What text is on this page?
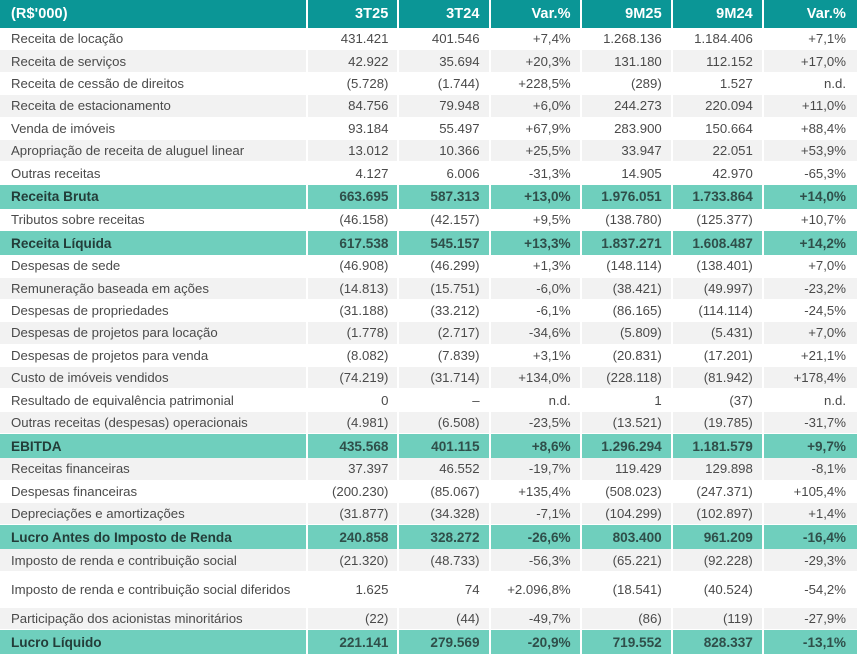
(R$'000)	3T25	3T24	Var.%	9M25	9M24	Var.%
Receita de locação	431.421	401.546	+7,4%	1.268.136	1.184.406	+7,1%
Receita de serviços	42.922	35.694	+20,3%	131.180	112.152	+17,0%
Receita de cessão de direitos	(5.728)	(1.744)	+228,5%	(289)	1.527	n.d.
Receita de estacionamento	84.756	79.948	+6,0%	244.273	220.094	+11,0%
Venda de imóveis	93.184	55.497	+67,9%	283.900	150.664	+88,4%
Apropriação de receita de aluguel linear	13.012	10.366	+25,5%	33.947	22.051	+53,9%
Outras receitas	4.127	6.006	-31,3%	14.905	42.970	-65,3%
Receita Bruta	663.695	587.313	+13,0%	1.976.051	1.733.864	+14,0%
Tributos sobre receitas	(46.158)	(42.157)	+9,5%	(138.780)	(125.377)	+10,7%
Receita Líquida	617.538	545.157	+13,3%	1.837.271	1.608.487	+14,2%
Despesas de sede	(46.908)	(46.299)	+1,3%	(148.114)	(138.401)	+7,0%
Remuneração baseada em ações	(14.813)	(15.751)	-6,0%	(38.421)	(49.997)	-23,2%
Despesas de propriedades	(31.188)	(33.212)	-6,1%	(86.165)	(114.114)	-24,5%
Despesas de projetos para locação	(1.778)	(2.717)	-34,6%	(5.809)	(5.431)	+7,0%
Despesas de projetos para venda	(8.082)	(7.839)	+3,1%	(20.831)	(17.201)	+21,1%
Custo de imóveis vendidos	(74.219)	(31.714)	+134,0%	(228.118)	(81.942)	+178,4%
Resultado de equivalência patrimonial	0	–	n.d.	1	(37)	n.d.
Outras receitas (despesas) operacionais	(4.981)	(6.508)	-23,5%	(13.521)	(19.785)	-31,7%
EBITDA	435.568	401.115	+8,6%	1.296.294	1.181.579	+9,7%
Receitas financeiras	37.397	46.552	-19,7%	119.429	129.898	-8,1%
Despesas financeiras	(200.230)	(85.067)	+135,4%	(508.023)	(247.371)	+105,4%
Depreciações e amortizações	(31.877)	(34.328)	-7,1%	(104.299)	(102.897)	+1,4%
Lucro Antes do Imposto de Renda	240.858	328.272	-26,6%	803.400	961.209	-16,4%
Imposto de renda e contribuição social	(21.320)	(48.733)	-56,3%	(65.221)	(92.228)	-29,3%
Imposto de renda e contribuição social diferidos	1.625	74	+2.096,8%	(18.541)	(40.524)	-54,2%
Participação dos acionistas minoritários	(22)	(44)	-49,7%	(86)	(119)	-27,9%
Lucro Líquido	221.141	279.569	-20,9%	719.552	828.337	-13,1%
